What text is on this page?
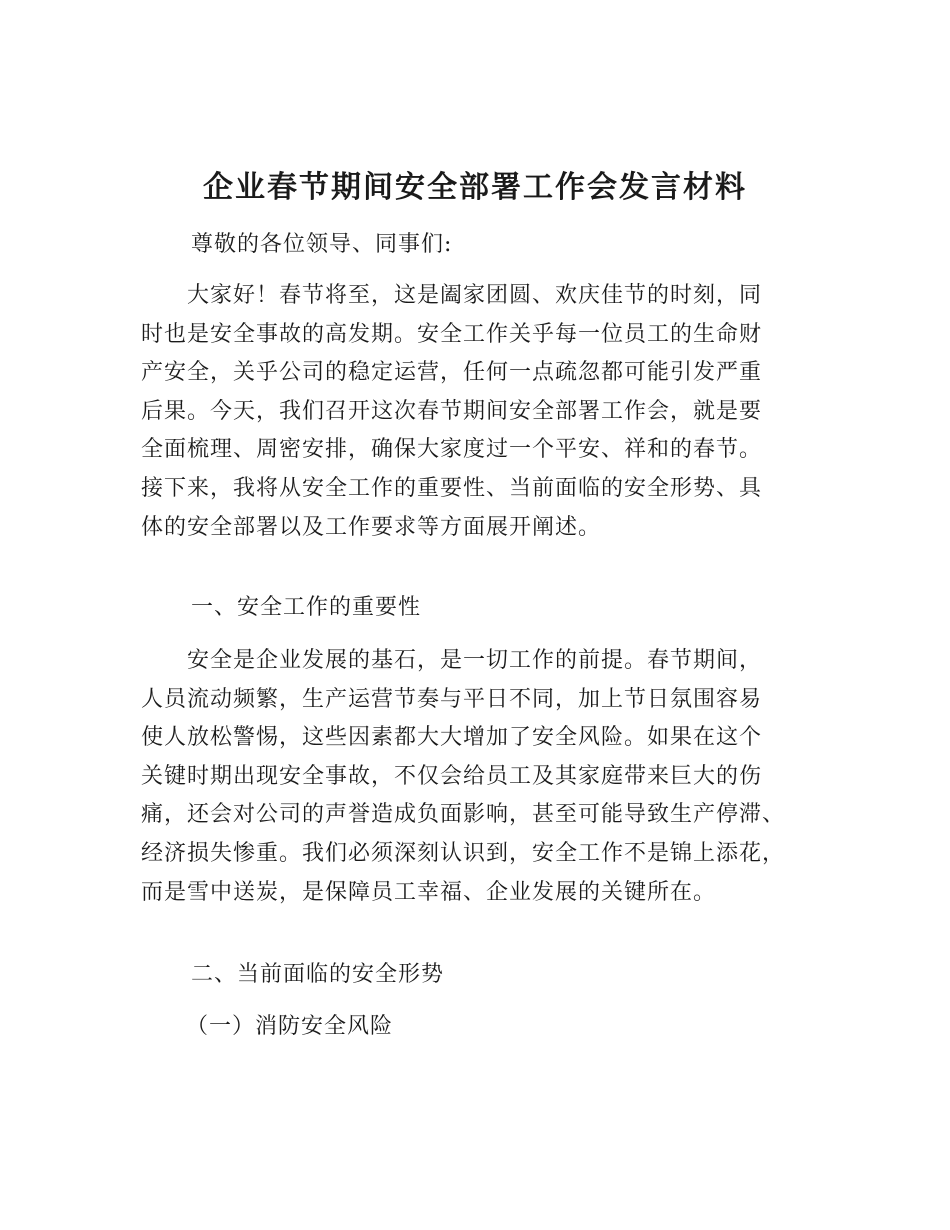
企业春节期间安全部署工作会发言材料

尊敬的各位领导、同事们:

　　大家好！春节将至，这是阖家团圆、欢庆佳节的时刻，同
时也是安全事故的高发期。安全工作关乎每一位员工的生命财
产安全，关乎公司的稳定运营，任何一点疏忽都可能引发严重
后果。今天，我们召开这次春节期间安全部署工作会，就是要
全面梳理、周密安排，确保大家度过一个平安、祥和的春节。
接下来，我将从安全工作的重要性、当前面临的安全形势、具
体的安全部署以及工作要求等方面展开阐述。

一、安全工作的重要性

　　安全是企业发展的基石，是一切工作的前提。春节期间，
人员流动频繁，生产运营节奏与平日不同，加上节日氛围容易
使人放松警惕，这些因素都大大增加了安全风险。如果在这个
关键时期出现安全事故，不仅会给员工及其家庭带来巨大的伤
痛，还会对公司的声誉造成负面影响，甚至可能导致生产停滞、
经济损失惨重。我们必须深刻认识到，安全工作不是锦上添花，
而是雪中送炭，是保障员工幸福、企业发展的关键所在。

二、当前面临的安全形势

（一）消防安全风险
